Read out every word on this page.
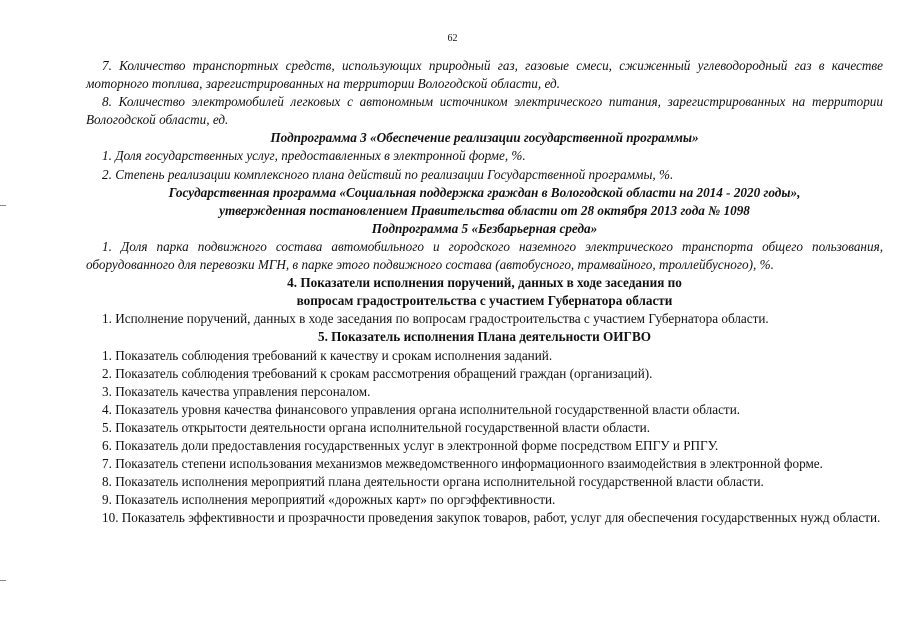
62

7. Количество транспортных средств, использующих природный газ, газовые смеси, сжиженный углеводородный газ в качестве моторного топлива, зарегистрированных на территории Вологодской области, ед.

8. Количество электромобилей легковых с автономным источником электрического питания, зарегистрированных на территории Вологодской области, ед.

Подпрограмма 3 «Обеспечение реализации государственной программы»

1. Доля государственных услуг, предоставленных в электронной форме, %.

2. Степень реализации комплексного плана действий по реализации Государственной программы, %.

Государственная программа «Социальная поддержка граждан в Вологодской области на 2014 - 2020 годы»,

утвержденная постановлением Правительства области от 28 октября 2013 года № 1098

Подпрограмма 5 «Безбарьерная среда»

1. Доля парка подвижного состава автомобильного и городского наземного электрического транспорта общего пользования, оборудованного для перевозки МГН, в парке этого подвижного состава (автобусного, трамвайного, троллейбусного), %.

4. Показатели исполнения поручений, данных в ходе заседания по

вопросам градостроительства с участием Губернатора области

1. Исполнение поручений, данных в ходе заседания по вопросам градостроительства с участием Губернатора области.

5. Показатель исполнения Плана деятельности ОИГВО

1. Показатель соблюдения требований к качеству и срокам исполнения заданий.

2. Показатель соблюдения требований к срокам рассмотрения обращений граждан (организаций).

3. Показатель качества управления персоналом.

4. Показатель уровня качества финансового управления органа исполнительной государственной власти области.

5. Показатель открытости деятельности органа исполнительной государственной власти области.

6. Показатель доли предоставления государственных услуг в электронной форме посредством ЕПГУ и РПГУ.

7. Показатель степени использования механизмов межведомственного информационного взаимодействия в электронной форме.

8. Показатель исполнения мероприятий плана деятельности органа исполнительной государственной власти области.

9. Показатель исполнения мероприятий «дорожных карт» по оргэффективности.

10. Показатель эффективности и прозрачности проведения закупок товаров, работ, услуг для обеспечения государственных нужд области.
